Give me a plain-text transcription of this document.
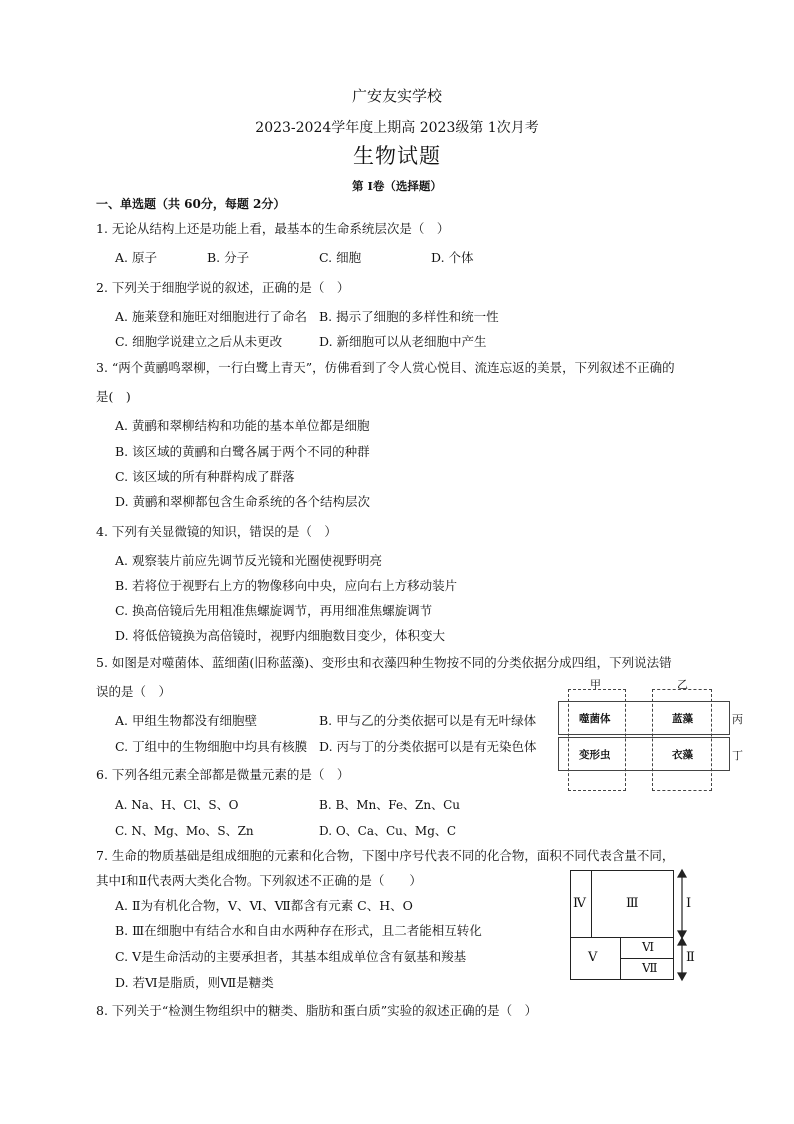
广安友实学校
2023-2024学年度上期高 2023级第 1次月考
生物试题
第 I卷（选择题）
一、单选题（共 60分，每题 2分）
1. 无论从结构上还是功能上看，最基本的生命系统层次是（　）
A. 原子	B. 分子	C. 细胞	D. 个体
2. 下列关于细胞学说的叙述，正确的是（　）
A. 施莱登和施旺对细胞进行了命名 B. 揭示了细胞的多样性和统一性
C. 细胞学说建立之后从未更改	D. 新细胞可以从老细胞中产生
3. “两个黄鹂鸣翠柳，一行白鹭上青天”，仿佛看到了令人赏心悦目、流连忘返的美景，下列叙述不正确的
是(　)
A. 黄鹂和翠柳结构和功能的基本单位都是细胞
B. 该区域的黄鹂和白鹭各属于两个不同的种群
C. 该区域的所有种群构成了群落
D. 黄鹂和翠柳都包含生命系统的各个结构层次
4. 下列有关显微镜的知识，错误的是（　）
A. 观察装片前应先调节反光镜和光圈使视野明亮
B. 若将位于视野右上方的物像移向中央，应向右上方移动装片
C. 换高倍镜后先用粗准焦螺旋调节，再用细准焦螺旋调节
D. 将低倍镜换为高倍镜时，视野内细胞数目变少，体积变大
5. 如图是对噬菌体、蓝细菌(旧称蓝藻)、变形虫和衣藻四种生物按不同的分类依据分成四组，下列说法错
误的是（　）
A. 甲组生物都没有细胞壁	B. 甲与乙的分类依据可以是有无叶绿体
C. 丁组中的生物细胞中均具有核膜 D. 丙与丁的分类依据可以是有无染色体
甲	乙
噬菌体	蓝藻
变形虫	衣藻
丙
丁
6. 下列各组元素全部都是微量元素的是（　）
A. Na、H、Cl、S、O	B. B、Mn、Fe、Zn、Cu
C. N、Mg、Mo、S、Zn	D. O、Ca、Cu、Mg、C
7. 生命的物质基础是组成细胞的元素和化合物，下图中序号代表不同的化合物，面积不同代表含量不同，
其中Ⅰ和Ⅱ代表两大类化合物。下列叙述不正确的是（　　）
A. Ⅱ为有机化合物，Ⅴ、Ⅵ、Ⅶ都含有元素 C、H、O
B. Ⅲ在细胞中有结合水和自由水两种存在形式，且二者能相互转化
C. Ⅴ是生命活动的主要承担者，其基本组成单位含有氨基和羧基
D. 若Ⅵ是脂质，则Ⅶ是糖类
Ⅳ	Ⅲ
Ⅴ
Ⅵ
Ⅶ
Ⅰ
Ⅱ
8. 下列关于“检测生物组织中的糖类、脂肪和蛋白质”实验的叙述正确的是（　）
